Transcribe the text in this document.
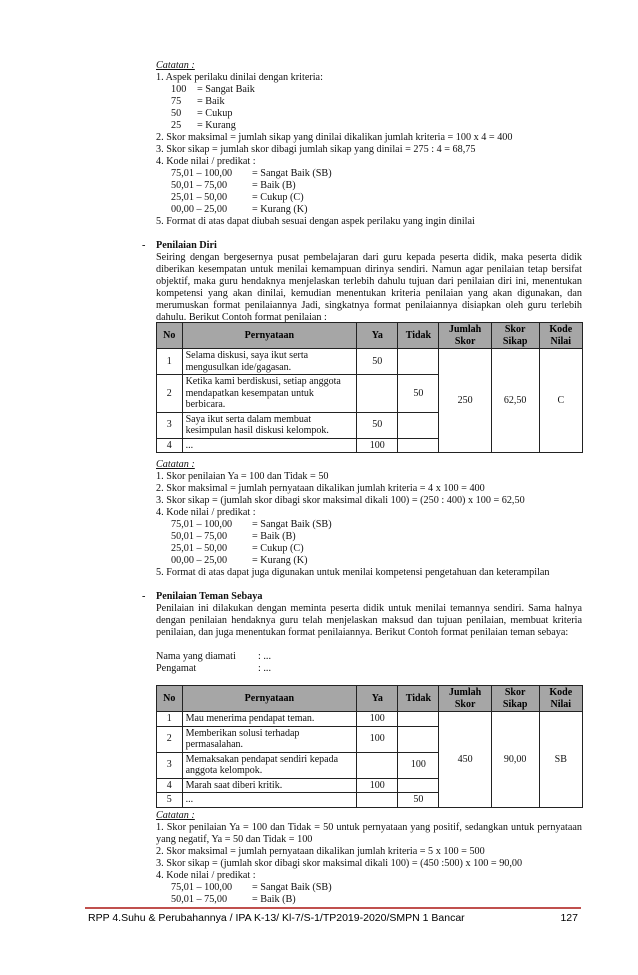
Catatan :
1. Aspek perilaku dinilai dengan kriteria:
100 = Sangat Baik
75 = Baik
50 = Cukup
25 = Kurang
2. Skor maksimal = jumlah sikap yang dinilai dikalikan jumlah kriteria = 100 x 4 = 400
3. Skor sikap = jumlah skor dibagi jumlah sikap yang dinilai = 275 : 4 = 68,75
4. Kode nilai / predikat :
75,01 – 100,00 = Sangat Baik (SB)
50,01 – 75,00 = Baik (B)
25,01 – 50,00 = Cukup (C)
00,00 – 25,00 = Kurang (K)
5. Format di atas dapat diubah sesuai dengan aspek perilaku yang ingin dinilai
- Penilaian Diri
Seiring dengan bergesernya pusat pembelajaran dari guru kepada peserta didik, maka peserta didik diberikan kesempatan untuk menilai kemampuan dirinya sendiri. Namun agar penilaian tetap bersifat objektif, maka guru hendaknya menjelaskan terlebih dahulu tujuan dari penilaian diri ini, menentukan kompetensi yang akan dinilai, kemudian menentukan kriteria penilaian yang akan digunakan, dan merumuskan format penilaiannya Jadi, singkatnya format penilaiannya disiapkan oleh guru terlebih dahulu. Berikut Contoh format penilaian :
No	Pernyataan	Ya	Tidak	Jumlah Skor	Skor Sikap	Kode Nilai
1	Selama diskusi, saya ikut serta mengusulkan ide/gagasan.	50		250	62,50	C
2	Ketika kami berdiskusi, setiap anggota mendapatkan kesempatan untuk berbicara.		50			
3	Saya ikut serta dalam membuat kesimpulan hasil diskusi kelompok.	50				
4	...	100				
Catatan :
1. Skor penilaian Ya = 100 dan Tidak = 50
2. Skor maksimal = jumlah pernyataan dikalikan jumlah kriteria = 4 x 100 = 400
3. Skor sikap = (jumlah skor dibagi skor maksimal dikali 100) = (250 : 400) x 100 = 62,50
4. Kode nilai / predikat :
75,01 – 100,00 = Sangat Baik (SB)
50,01 – 75,00 = Baik (B)
25,01 – 50,00 = Cukup (C)
00,00 – 25,00 = Kurang (K)
5. Format di atas dapat juga digunakan untuk menilai kompetensi pengetahuan dan keterampilan
- Penilaian Teman Sebaya
Penilaian ini dilakukan dengan meminta peserta didik untuk menilai temannya sendiri. Sama halnya dengan penilaian hendaknya guru telah menjelaskan maksud dan tujuan penilaian, membuat kriteria penilaian, dan juga menentukan format penilaiannya. Berikut Contoh format penilaian teman sebaya:
Nama yang diamati : ...
Pengamat	: ...
No	Pernyataan	Ya	Tidak	Jumlah Skor	Skor Sikap	Kode Nilai
1	Mau menerima pendapat teman.	100		450	90,00	SB
2	Memberikan solusi terhadap permasalahan.	100				
3	Memaksakan pendapat sendiri kepada anggota kelompok.		100			
4	Marah saat diberi kritik.	100				
5	...		50			
Catatan :
1. Skor penilaian Ya = 100 dan Tidak = 50 untuk pernyataan yang positif, sedangkan untuk pernyataan yang negatif, Ya = 50 dan Tidak = 100
2. Skor maksimal = jumlah pernyataan dikalikan jumlah kriteria = 5 x 100 = 500
3. Skor sikap = (jumlah skor dibagi skor maksimal dikali 100) = (450 :500) x 100 = 90,00
4. Kode nilai / predikat :
75,01 – 100,00 = Sangat Baik (SB)
50,01 – 75,00 = Baik (B)
RPP 4.Suhu & Perubahannya / IPA K-13/ Kl-7/S-1/TP2019-2020/SMPN 1 Bancar	127
